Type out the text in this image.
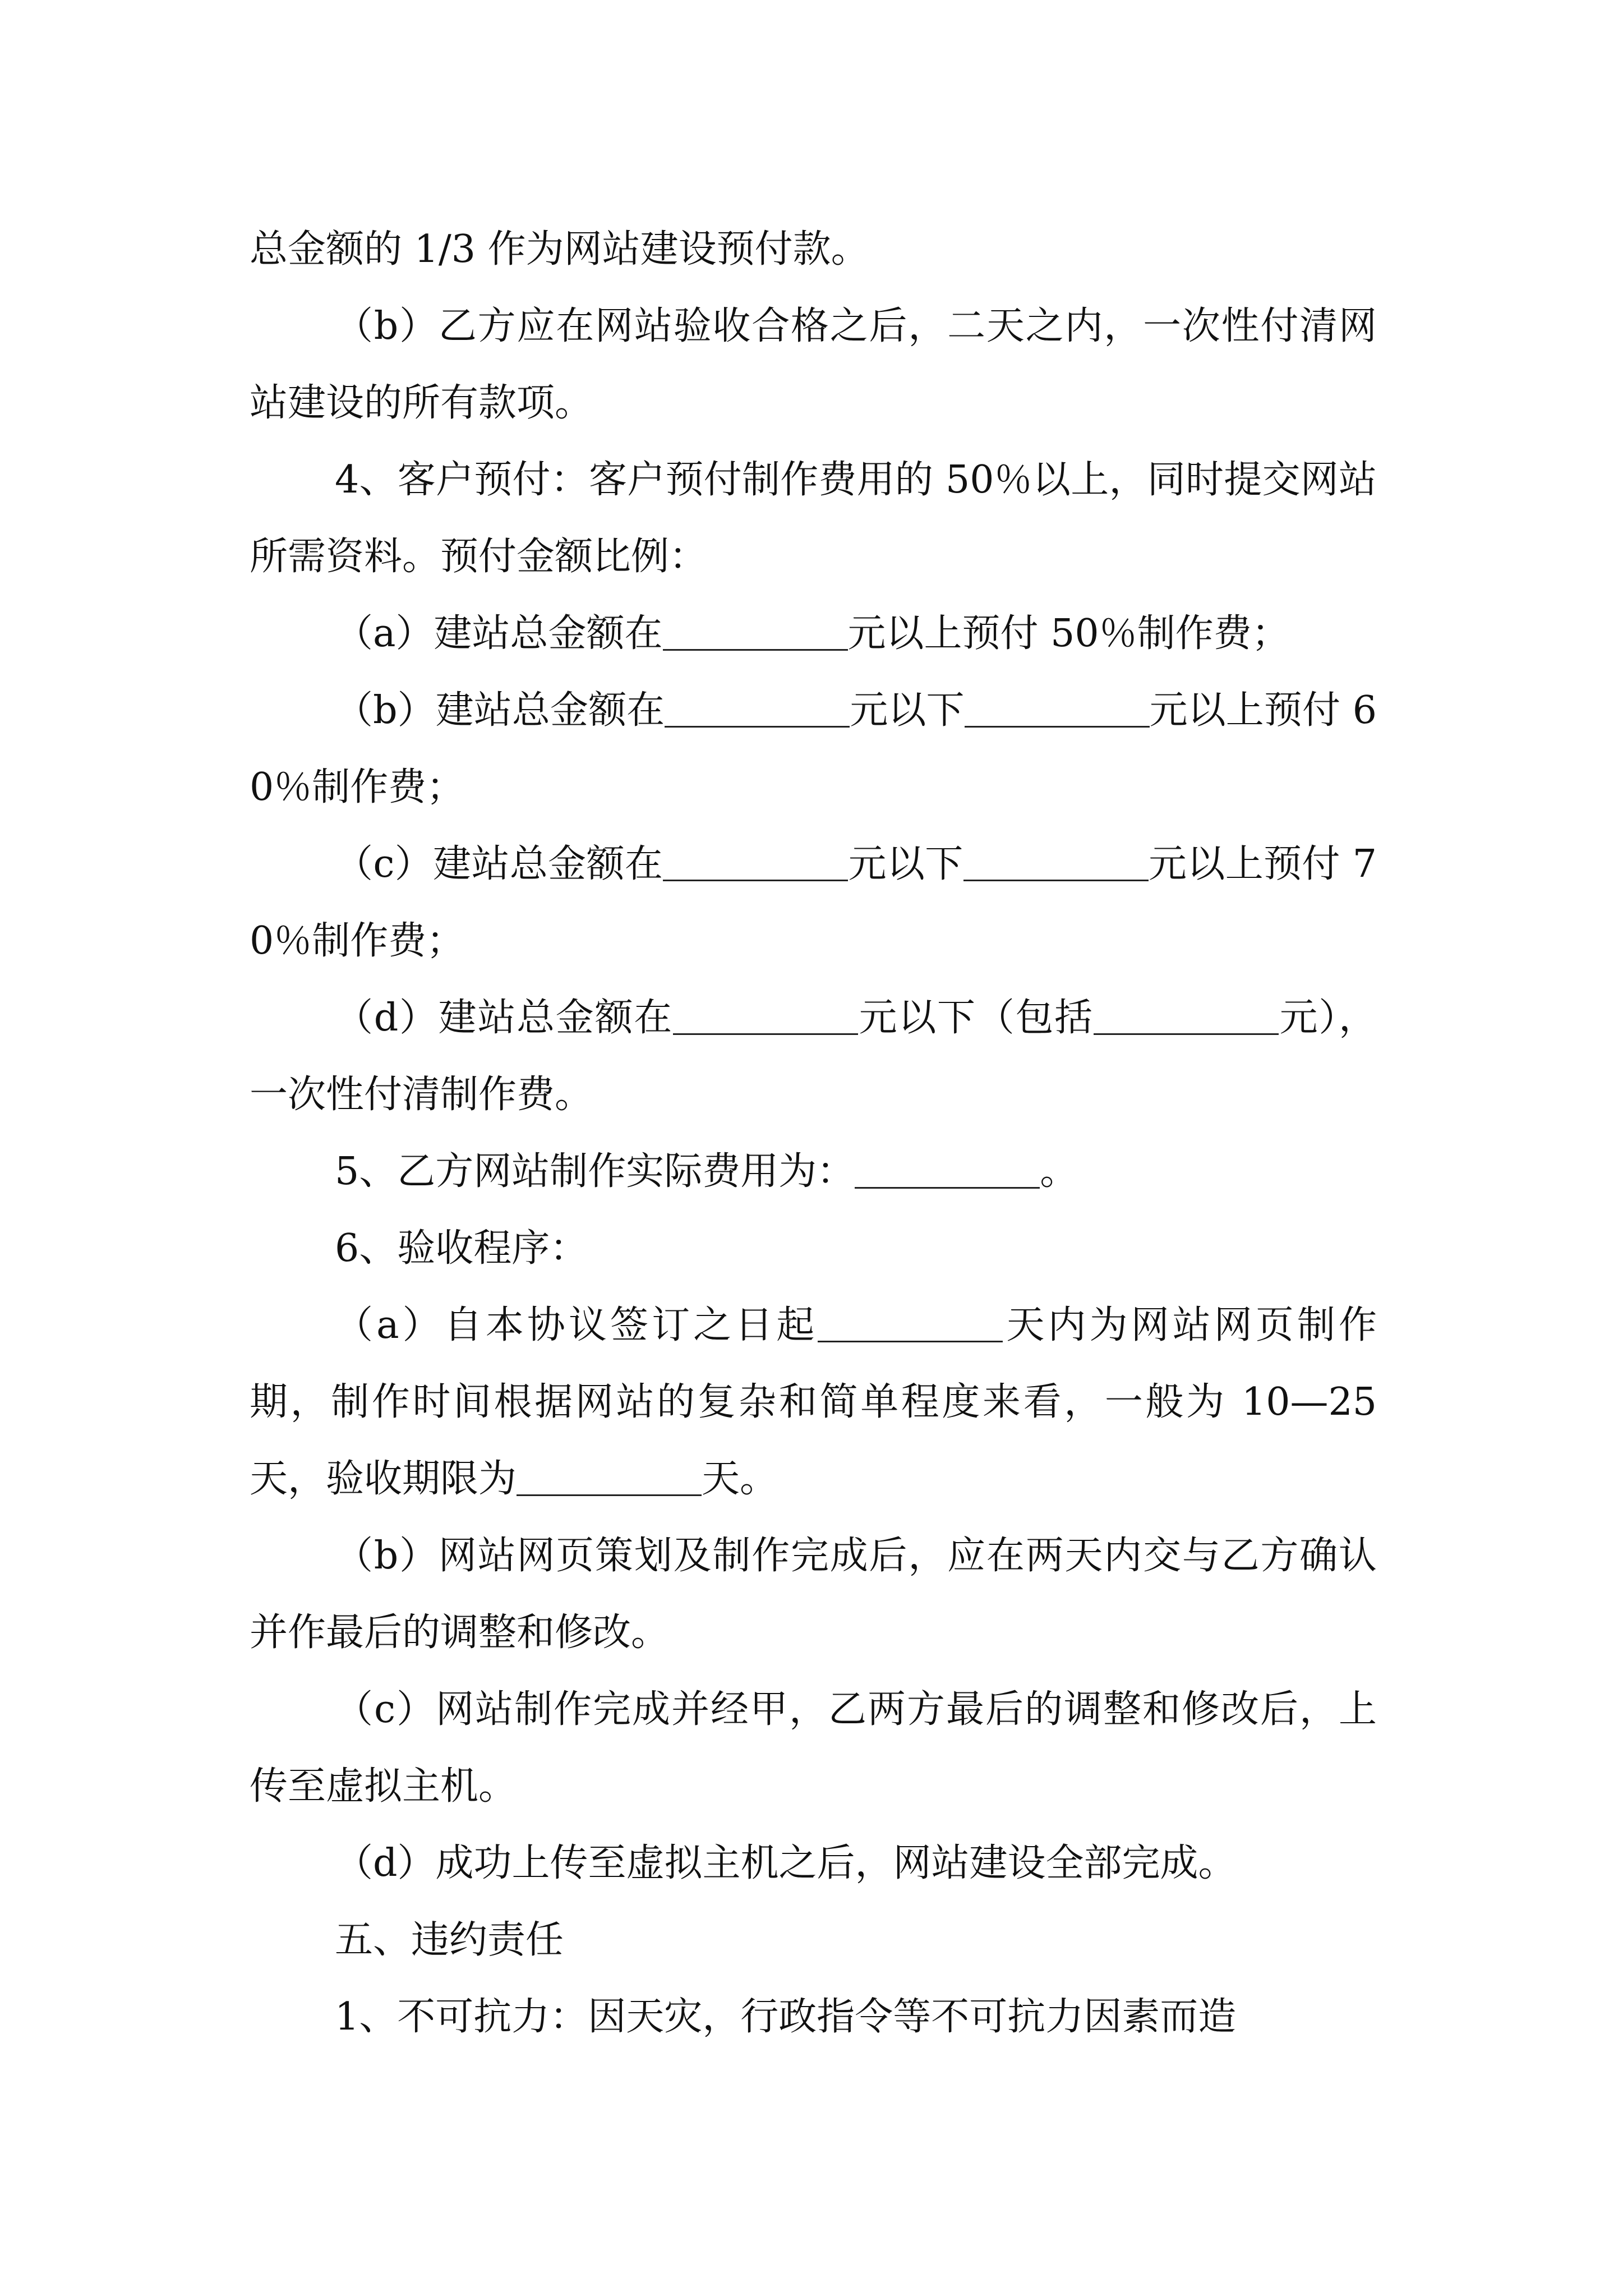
总金额的 1/3 作为网站建设预付款。

（b）乙方应在网站验收合格之后，二天之内，一次性付清网站建设的所有款项。

4、客户预付：客户预付制作费用的 50％以上，同时提交网站所需资料。预付金额比例：

（a）建站总金额在	元以上预付 50％制作费；

（b）建站总金额在	元以下	元以上预付 60％制作费；

（c）建站总金额在	元以下	元以上预付 70％制作费；

（d）建站总金额在	元以下（包括	元），一次性付清制作费。

5、乙方网站制作实际费用为：	。

6、验收程序：

（a）自本协议签订之日起	天内为网站网页制作期，制作时间根据网站的复杂和简单程度来看，一般为 10—25 天，验收期限为	天。

（b）网站网页策划及制作完成后，应在两天内交与乙方确认并作最后的调整和修改。

（c）网站制作完成并经甲，乙两方最后的调整和修改后，上传至虚拟主机。

（d）成功上传至虚拟主机之后，网站建设全部完成。

五、违约责任

1、不可抗力：因天灾，行政指令等不可抗力因素而造
